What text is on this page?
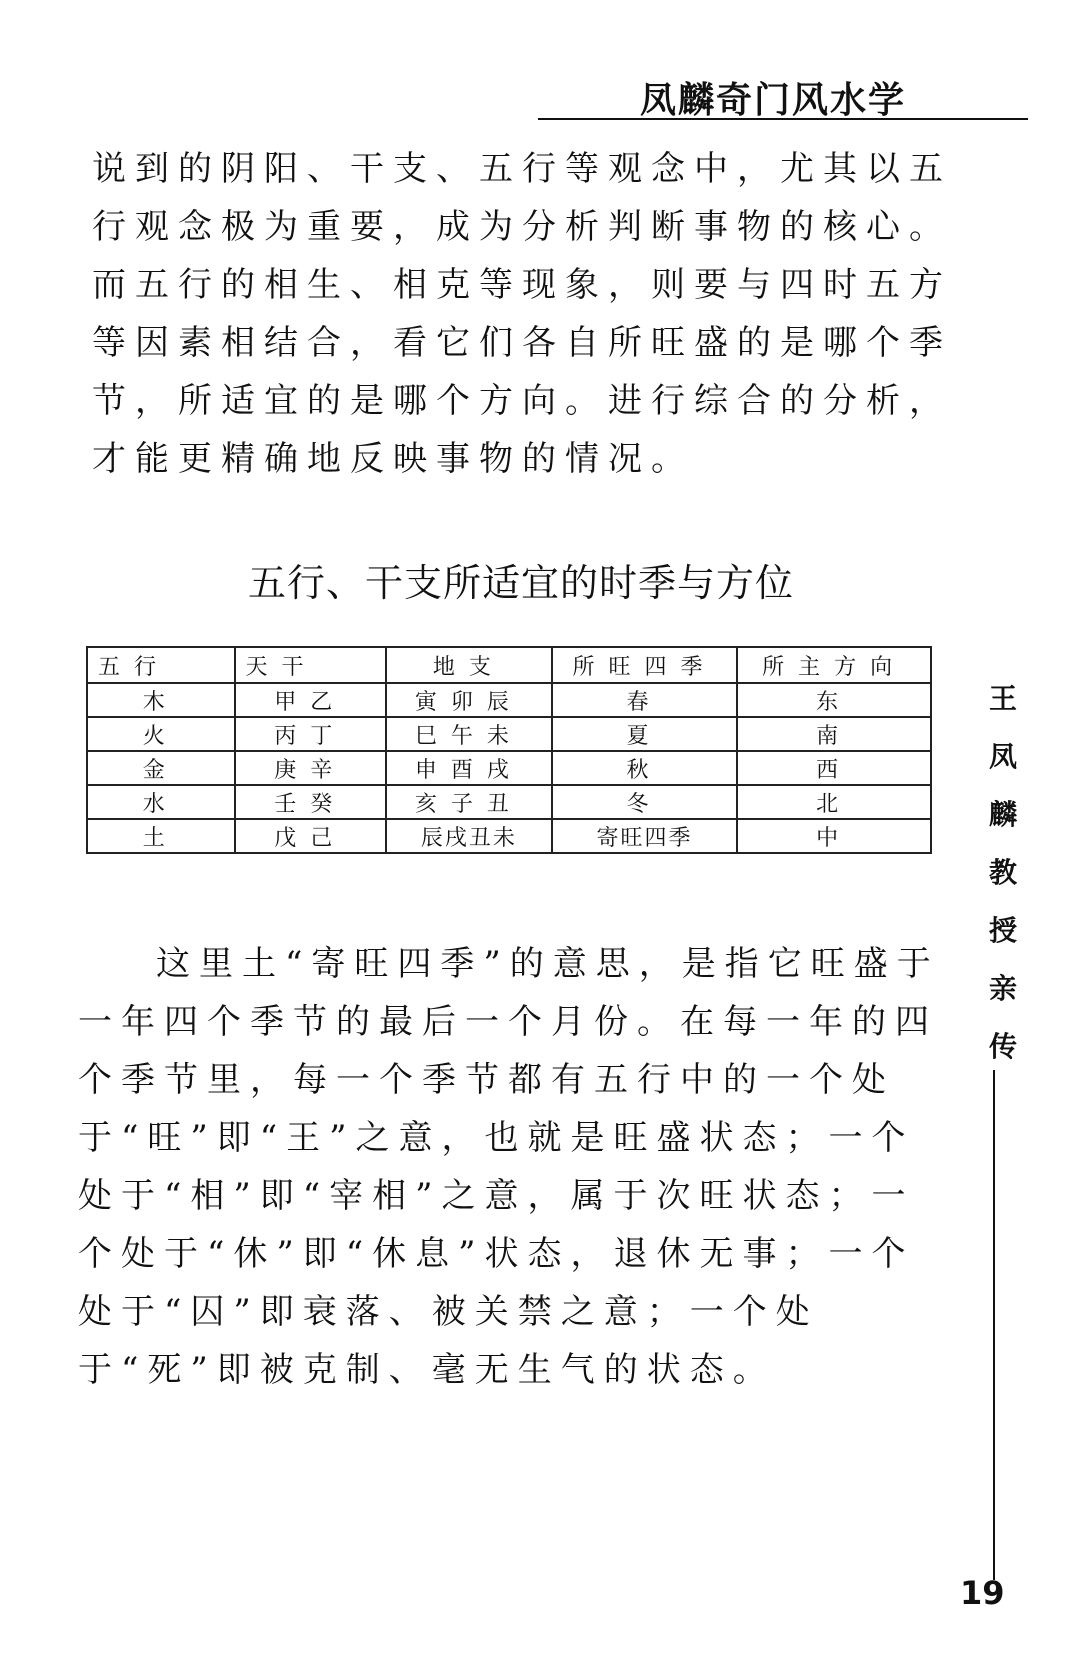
凤麟奇门风水学

说到的阴阳、干支、五行等观念中，尤其以五行观念极为重要，成为分析判断事物的核心。而五行的相生、相克等现象，则要与四时五方等因素相结合，看它们各自所旺盛的是哪个季节，所适宜的是哪个方向。进行综合的分析，才能更精确地反映事物的情况。

五行、干支所适宜的时季与方位
五行	天干	地支	所旺四季	所主方向
木	甲乙	寅卯辰	春	东
火	丙丁	巳午未	夏	南
金	庚辛	申酉戌	秋	西
水	壬癸	亥子丑	冬	北
土	戊己	辰戌丑未	寄旺四季	中

这里土“寄旺四季”的意思，是指它旺盛于一年四个季节的最后一个月份。在每一年的四个季节里，每一个季节都有五行中的一个处于“旺”即“王”之意，也就是旺盛状态；一个处于“相”即“宰相”之意，属于次旺状态；一个处于“休”即“休息”状态，退休无事；一个处于“囚”即衰落、被关禁之意；一个处于“死”即被克制、毫无生气的状态。

王
凤
麟
教
授
亲
传
19
